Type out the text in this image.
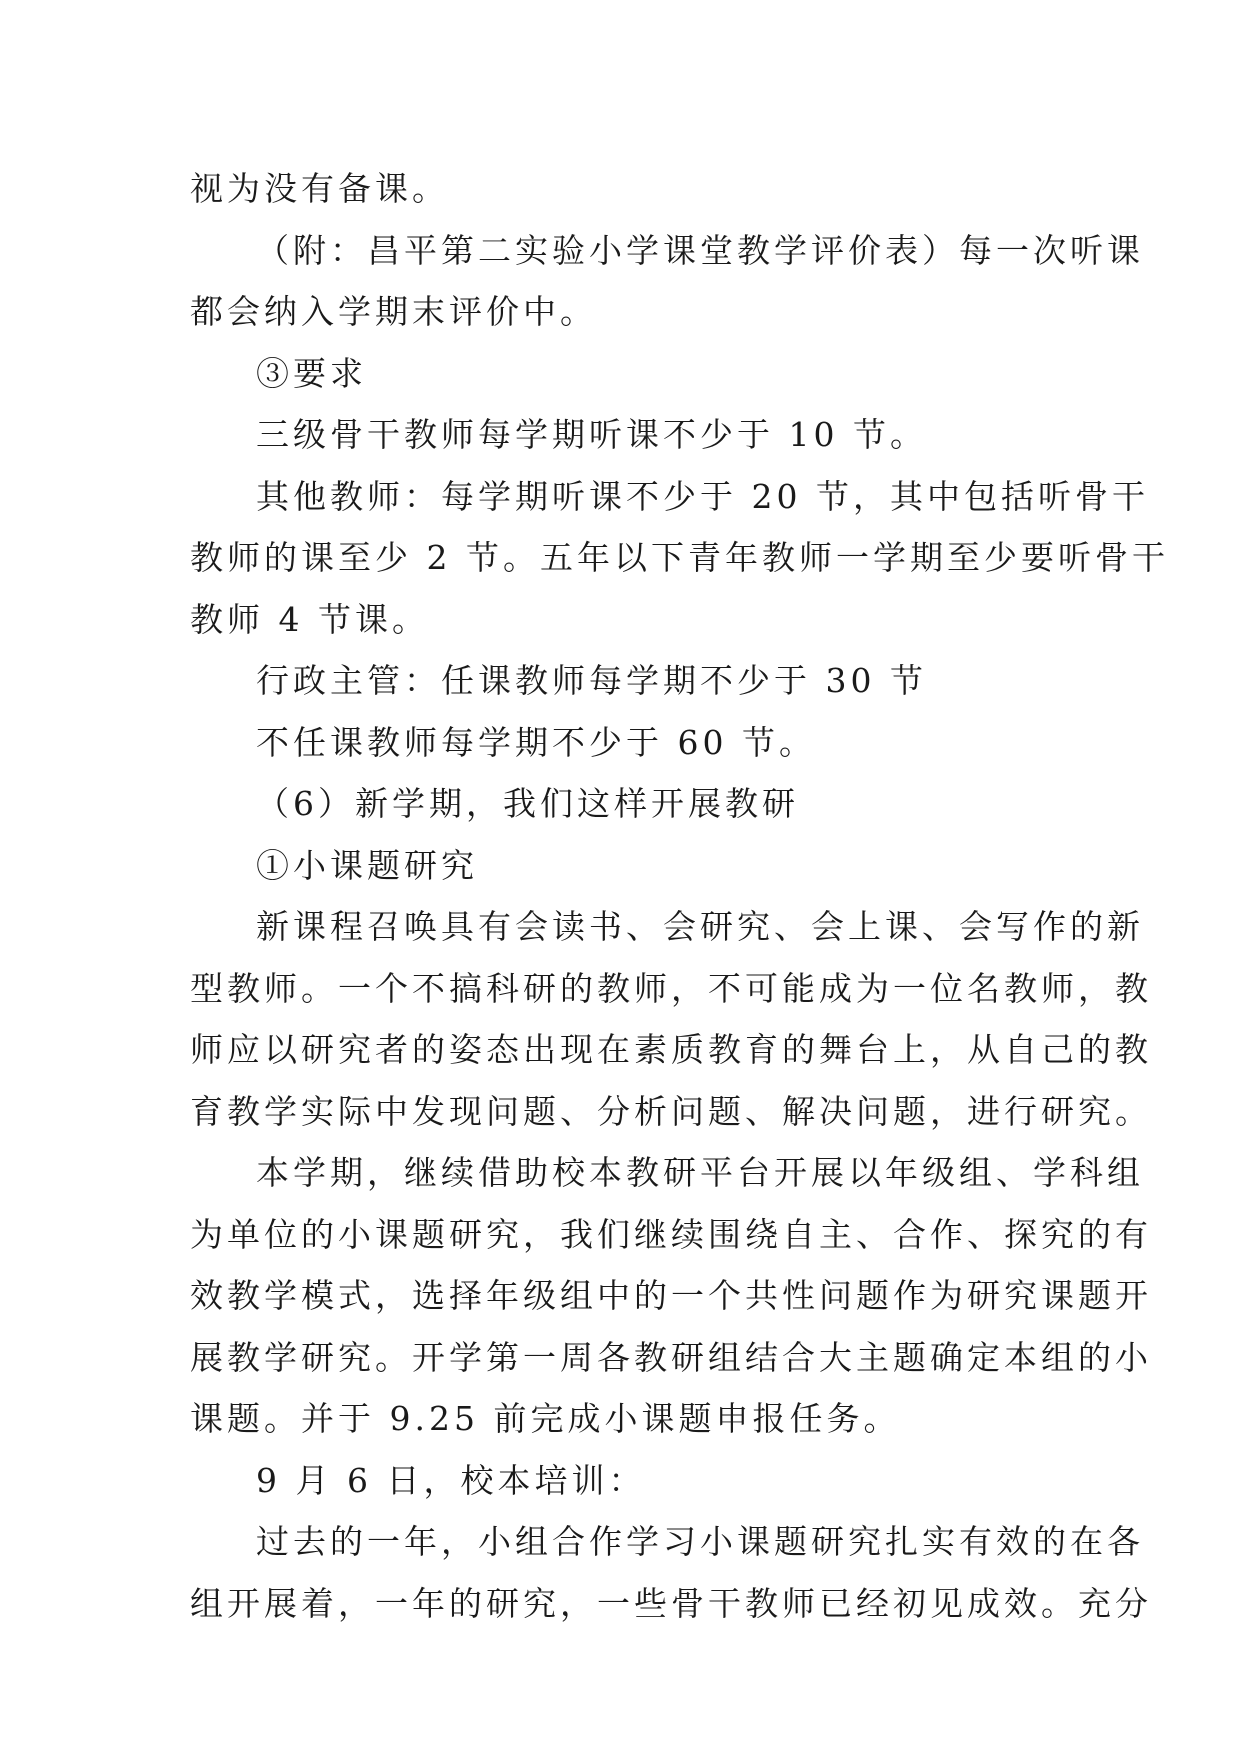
视为没有备课。
（附：昌平第二实验小学课堂教学评价表）每一次听课
都会纳入学期末评价中。
③要求
三级骨干教师每学期听课不少于 10 节。
其他教师：每学期听课不少于 20 节，其中包括听骨干
教师的课至少 2 节。五年以下青年教师一学期至少要听骨干
教师 4 节课。
行政主管：任课教师每学期不少于 30 节
不任课教师每学期不少于 60 节。
（6）新学期，我们这样开展教研
①小课题研究
新课程召唤具有会读书、会研究、会上课、会写作的新
型教师。一个不搞科研的教师，不可能成为一位名教师，教
师应以研究者的姿态出现在素质教育的舞台上，从自己的教
育教学实际中发现问题、分析问题、解决问题，进行研究。
本学期，继续借助校本教研平台开展以年级组、学科组
为单位的小课题研究，我们继续围绕自主、合作、探究的有
效教学模式，选择年级组中的一个共性问题作为研究课题开
展教学研究。开学第一周各教研组结合大主题确定本组的小
课题。并于 9.25 前完成小课题申报任务。
9 月 6 日，校本培训：
过去的一年，小组合作学习小课题研究扎实有效的在各
组开展着，一年的研究，一些骨干教师已经初见成效。充分
